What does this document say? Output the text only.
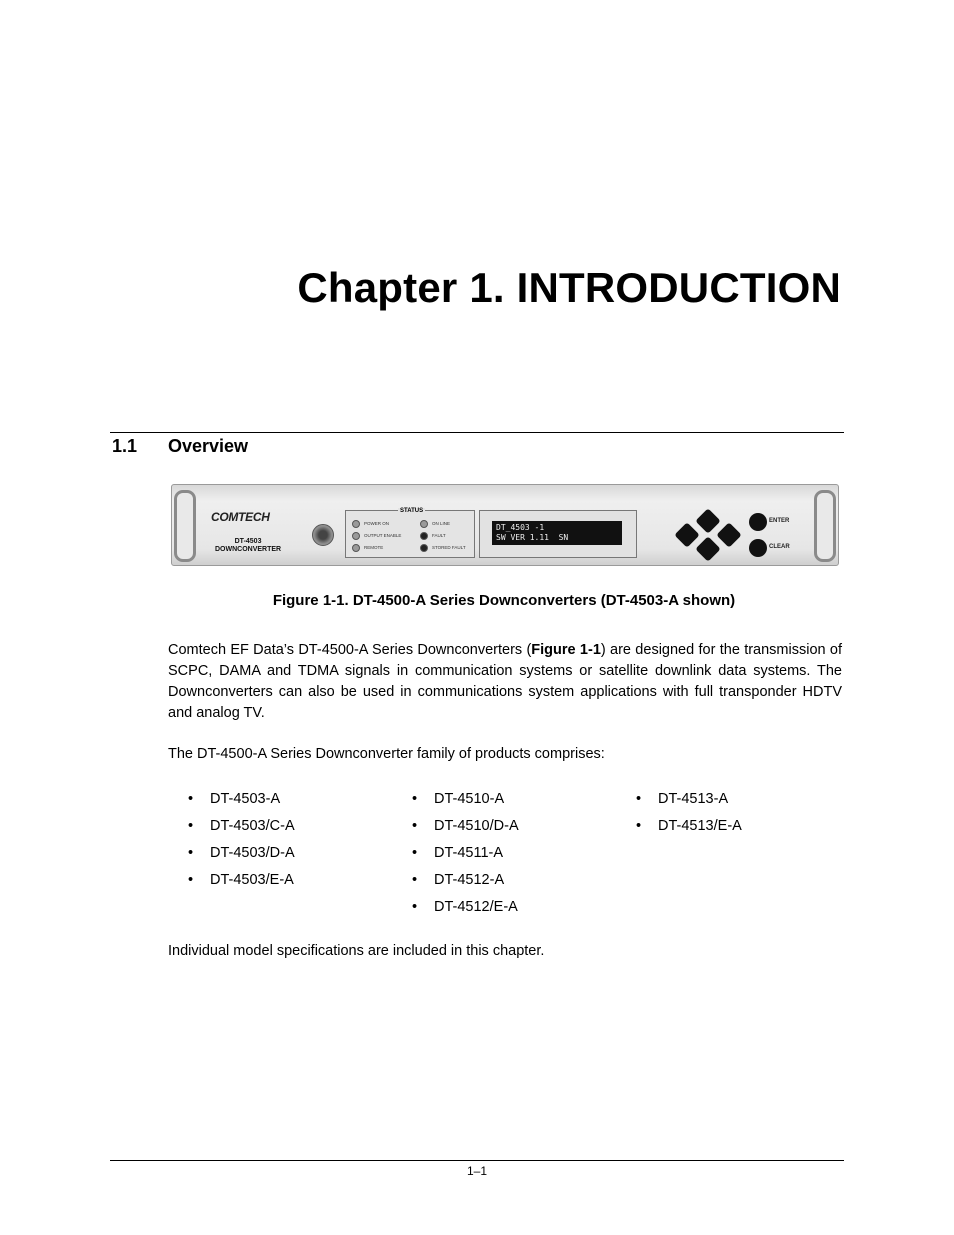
Chapter 1. INTRODUCTION
1.1 Overview
COMTECH
DT-4503
DOWNCONVERTER
STATUS
POWER ON
OUTPUT ENABLE
REMOTE
ON LINE
FAULT
STORED FAULT
DT_4503 -1
SW VER 1.11  SN
ENTER
CLEAR
Figure 1-1. DT-4500-A Series Downconverters (DT-4503-A shown)
Comtech EF Data’s DT-4500-A Series Downconverters (Figure 1-1) are designed for the transmission of SCPC, DAMA and TDMA signals in communication systems or satellite downlink data systems. The Downconverters can also be used in communications system applications with full transponder HDTV and analog TV.
The DT-4500-A Series Downconverter family of products comprises:
• DT-4503-A
• DT-4503/C-A
• DT-4503/D-A
• DT-4503/E-A
• DT-4510-A
• DT-4510/D-A
• DT-4511-A
• DT-4512-A
• DT-4512/E-A
• DT-4513-A
• DT-4513/E-A
Individual model specifications are included in this chapter.
1–1
